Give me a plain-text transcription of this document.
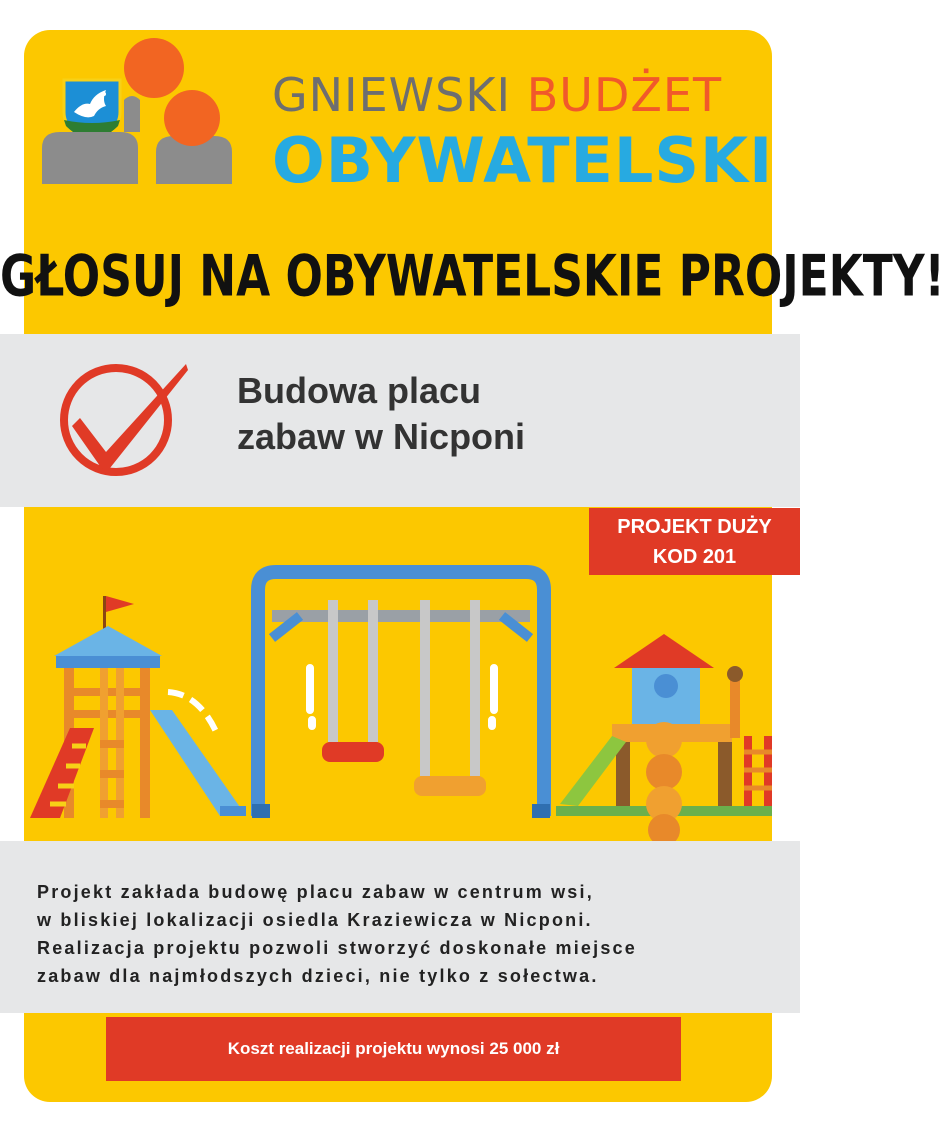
GNIEWSKI BUDŻET
OBYWATELSKI
GŁOSUJ NA OBYWATELSKIE PROJEKTY!
Budowa placu
zabaw w Nicponi
PROJEKT DUŻY
KOD 201
Projekt zakłada budowę placu zabaw w centrum wsi,
w bliskiej lokalizacji osiedla Kraziewicza w Nicponi.
Realizacja projektu pozwoli stworzyć doskonałe miejsce
zabaw dla najmłodszych dzieci, nie tylko z sołectwa.
Koszt realizacji projektu wynosi 25 000 zł
